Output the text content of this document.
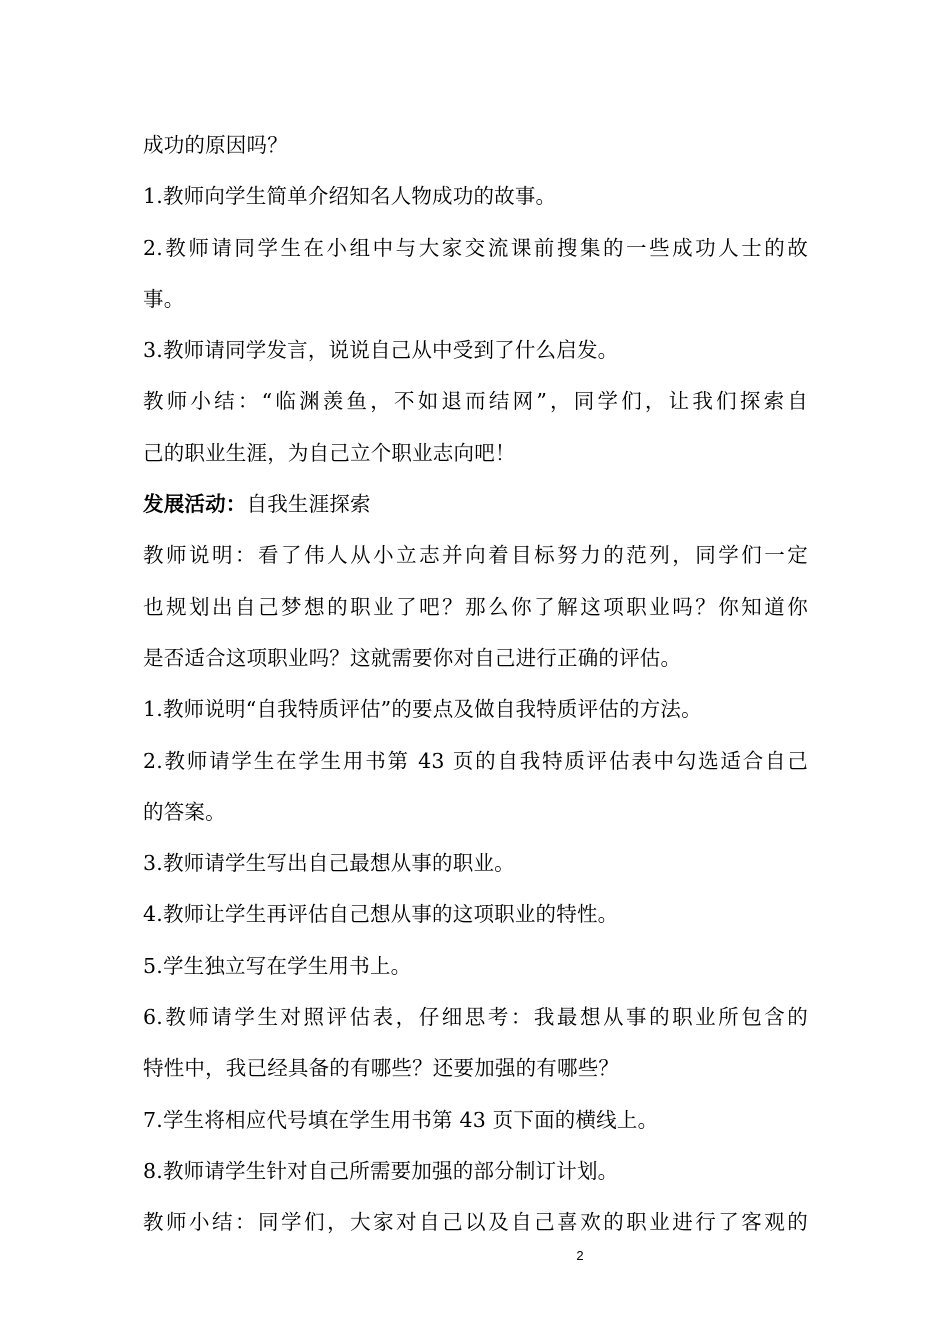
成功的原因吗？
1.教师向学生简单介绍知名人物成功的故事。
2.教师请同学生在小组中与大家交流课前搜集的一些成功人士的故
事。
3.教师请同学发言，说说自己从中受到了什么启发。
教师小结：“临渊羡鱼，不如退而结网”，同学们，让我们探索自
己的职业生涯，为自己立个职业志向吧！
发展活动：自我生涯探索
教师说明：看了伟人从小立志并向着目标努力的范列，同学们一定
也规划出自己梦想的职业了吧？那么你了解这项职业吗？你知道你
是否适合这项职业吗？这就需要你对自己进行正确的评估。
1.教师说明“自我特质评估”的要点及做自我特质评估的方法。
2.教师请学生在学生用书第 43 页的自我特质评估表中勾选适合自己
的答案。
3.教师请学生写出自己最想从事的职业。
4.教师让学生再评估自己想从事的这项职业的特性。
5.学生独立写在学生用书上。
6.教师请学生对照评估表，仔细思考：我最想从事的职业所包含的
特性中，我已经具备的有哪些？还要加强的有哪些？
7.学生将相应代号填在学生用书第 43 页下面的横线上。
8.教师请学生针对自己所需要加强的部分制订计划。
教师小结：同学们，大家对自己以及自己喜欢的职业进行了客观的
2
